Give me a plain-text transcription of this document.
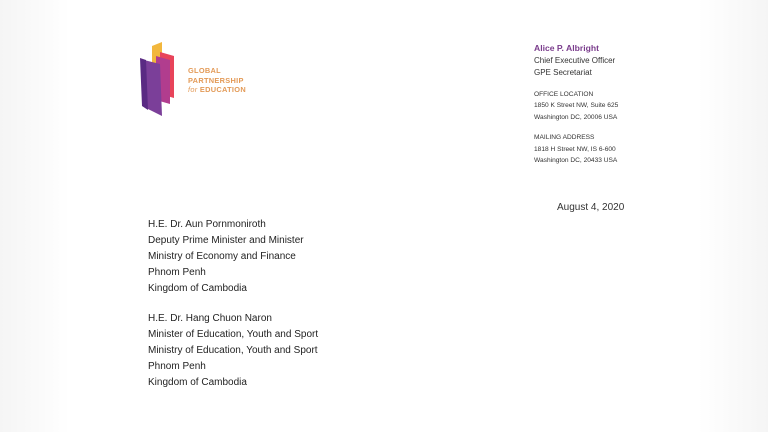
GLOBAL
PARTNERSHIP
for EDUCATION
Alice P. Albright
Chief Executive Officer
GPE Secretariat
OFFICE LOCATION
1850 K Street NW, Suite 625
Washington DC, 20006 USA
MAILING ADDRESS
1818 H Street NW, IS 6-600
Washington DC, 20433 USA
August 4, 2020
H.E. Dr. Aun Pornmoniroth
Deputy Prime Minister and Minister
Ministry of Economy and Finance
Phnom Penh
Kingdom of Cambodia
H.E. Dr. Hang Chuon Naron
Minister of Education, Youth and Sport
Ministry of Education, Youth and Sport
Phnom Penh
Kingdom of Cambodia
